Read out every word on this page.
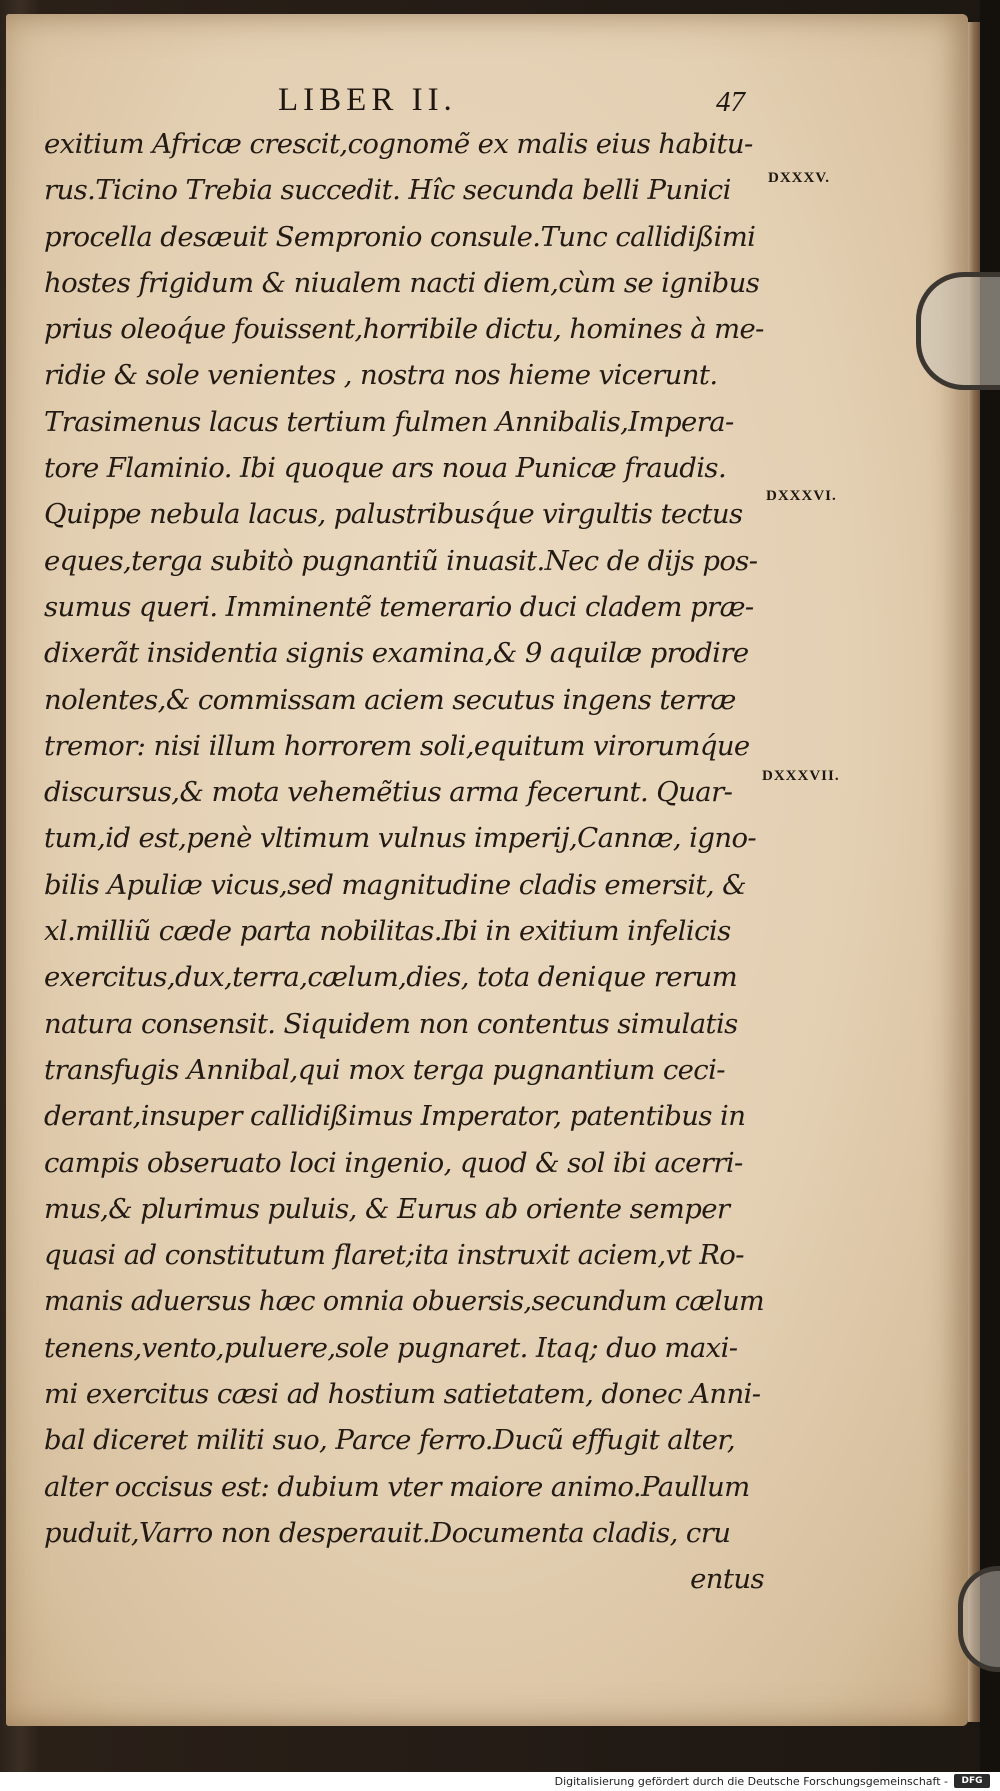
LIBER II.	47
exitium Africæ crescit,cognomẽ ex malis eius habitu-
rus.Ticino Trebia succedit. Hîc secunda belli Punici
procella desæuit Sempronio consule.Tunc callidißimi
hostes frigidum & niualem nacti diem,cùm se ignibus
prius oleoq́ue fouissent,horribile dictu, homines à me-
ridie & sole venientes , nostra nos hieme vicerunt.
Trasimenus lacus tertium fulmen Annibalis,Impera-
tore Flaminio. Ibi quoque ars noua Punicæ fraudis.
Quippe nebula lacus, palustribusq́ue virgultis tectus
eques,terga subitò pugnantiũ inuasit.Nec de dijs pos-
sumus queri. Imminentẽ temerario duci cladem præ-
dixerãt insidentia signis examina,& 9 aquilæ prodire
nolentes,& commissam aciem secutus ingens terræ
tremor: nisi illum horrorem soli,equitum virorumq́ue
discursus,& mota vehemẽtius arma fecerunt. Quar-
tum,id est,penè vltimum vulnus imperij,Cannæ, igno-
bilis Apuliæ vicus,sed magnitudine cladis emersit, &
xl.milliũ cæde parta nobilitas.Ibi in exitium infelicis
exercitus,dux,terra,cælum,dies, tota denique rerum
natura consensit. Siquidem non contentus simulatis
transfugis Annibal,qui mox terga pugnantium ceci-
derant,insuper callidißimus Imperator, patentibus in
campis obseruato loci ingenio, quod & sol ibi acerri-
mus,& plurimus puluis, & Eurus ab oriente semper
quasi ad constitutum flaret;ita instruxit aciem,vt Ro-
manis aduersus hæc omnia obuersis,secundum cælum
tenens,vento,puluere,sole pugnaret. Itaq; duo maxi-
mi exercitus cæsi ad hostium satietatem, donec Anni-
bal diceret militi suo, Parce ferro.Ducũ effugit alter,
alter occisus est: dubium vter maiore animo.Paullum
puduit,Varro non desperauit.Documenta cladis, cru
entus
DXXXV.
DXXXVI.
DXXXVII.
Digitalisierung gefördert durch die Deutsche Forschungsgemeinschaft -	DFG
